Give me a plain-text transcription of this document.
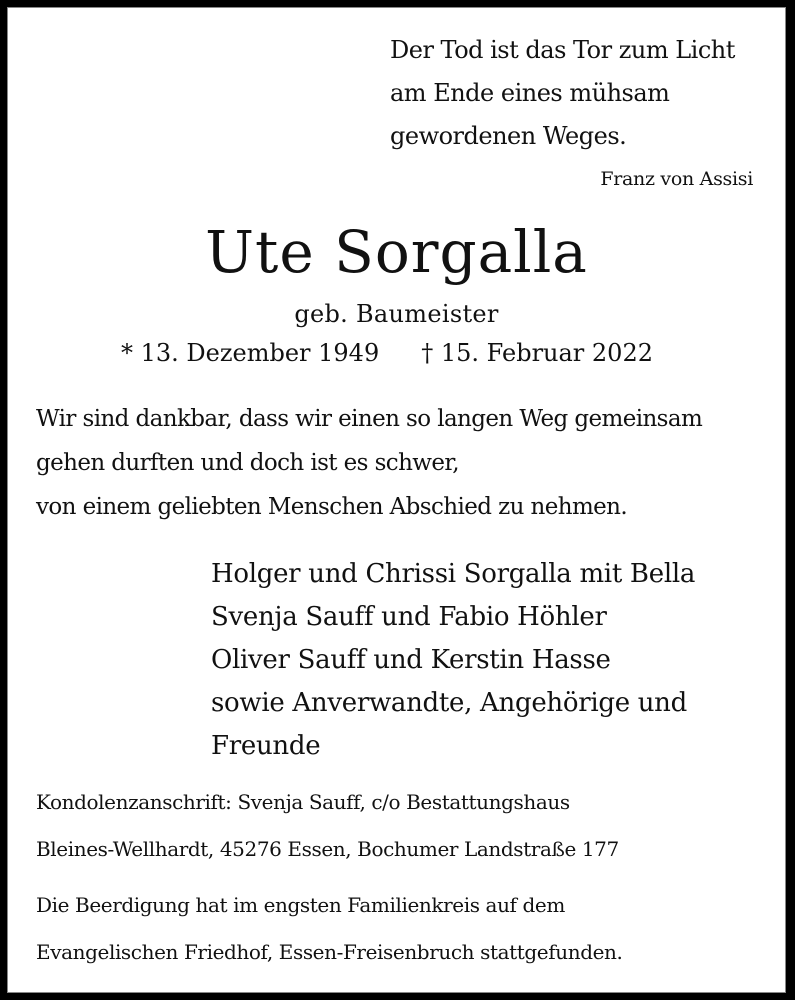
Der Tod ist das Tor zum Licht
am Ende eines mühsam
gewordenen Weges.
Franz von Assisi
Ute Sorgalla
geb. Baumeister
* 13. Dezember 1949 † 15. Februar 2022
Wir sind dankbar, dass wir einen so langen Weg gemeinsam
gehen durften und doch ist es schwer,
von einem geliebten Menschen Abschied zu nehmen.
Holger und Chrissi Sorgalla mit Bella
Svenja Sauff und Fabio Höhler
Oliver Sauff und Kerstin Hasse
sowie Anverwandte, Angehörige und
Freunde
Kondolenzanschrift: Svenja Sauff, c/o Bestattungshaus
Bleines-Wellhardt, 45276 Essen, Bochumer Landstraße 177
Die Beerdigung hat im engsten Familienkreis auf dem
Evangelischen Friedhof, Essen-Freisenbruch stattgefunden.
